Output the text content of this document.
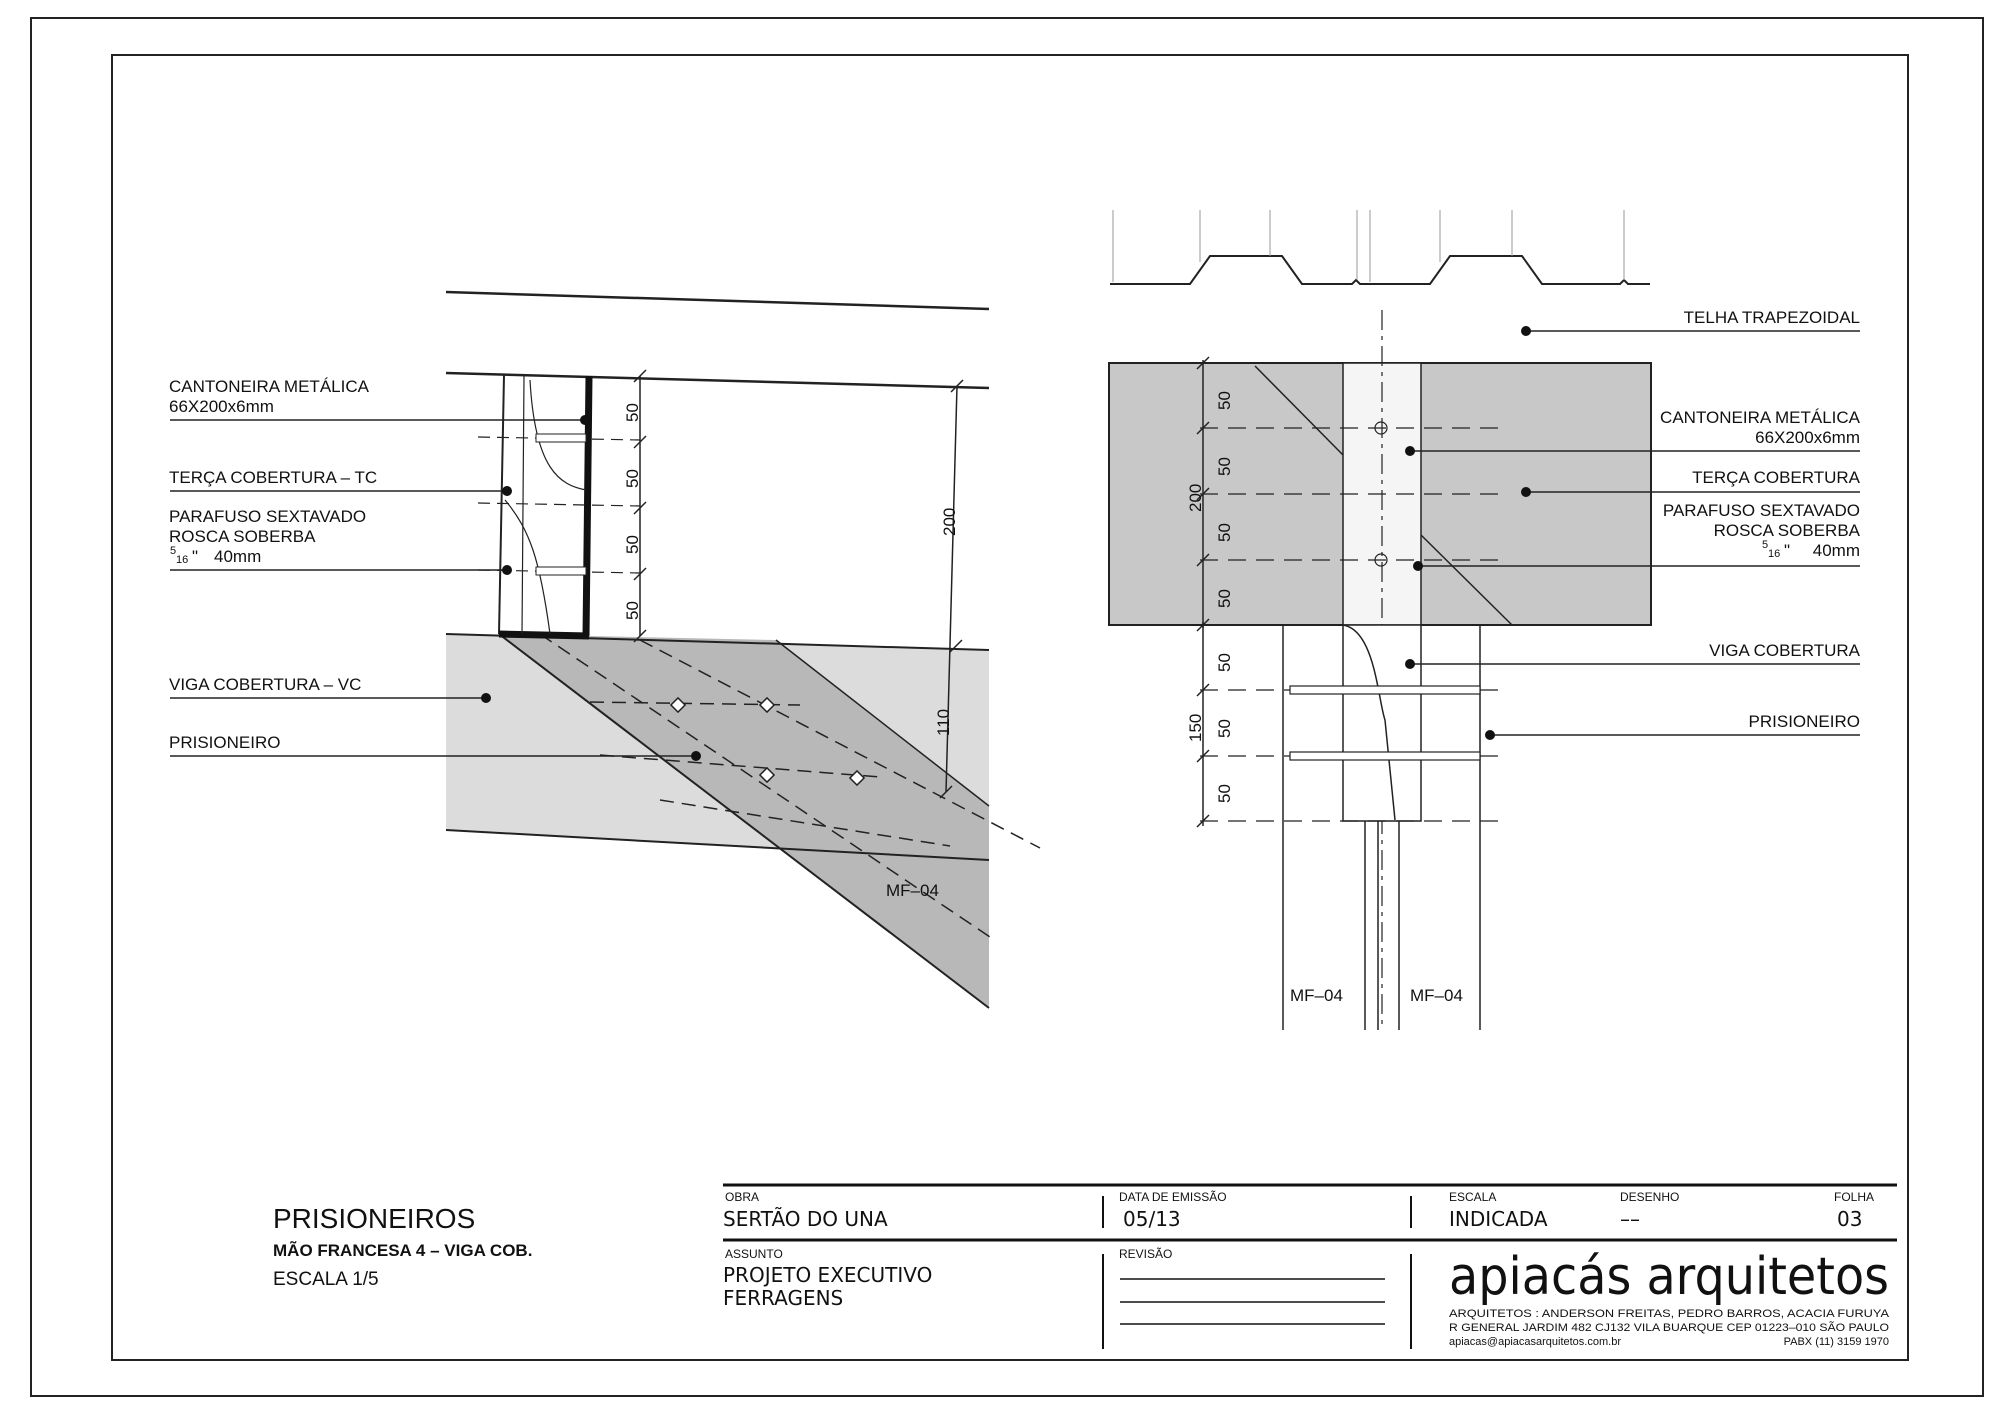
CANTONEIRA METÁLICA
66X200x6mm
TERÇA COBERTURA – TC
PARAFUSO SEXTAVADO
ROSCA SOBERBA
5
16 " 40mm
VIGA COBERTURA – VC
PRISIONEIRO
MF–04
50
50
50
50
200
110
TELHA TRAPEZOIDAL
CANTONEIRA METÁLICA
66X200x6mm
TERÇA COBERTURA
PARAFUSO SEXTAVADO
ROSCA SOBERBA
5
16 " 40mm
VIGA COBERTURA
PRISIONEIRO
MF–04	MF–04
50
50
50
50
200
50
50
50
150
PRISIONEIROS
MÃO FRANCESA 4 – VIGA COB.
ESCALA 1/5
OBRA
SERTÃO DO UNA
DATA DE EMISSÃO
05/13
ESCALA
INDICADA
DESENHO
––
FOLHA
03
ASSUNTO
PROJETO EXECUTIVO
FERRAGENS
REVISÃO	apiacás arquitetos
ARQUITETOS : ANDERSON FREITAS, PEDRO BARROS, ACACIA FURUYA
R GENERAL JARDIM 482 CJ132 VILA BUARQUE CEP 01223–010 SÃO PAULO
apiacas@apiacasarquitetos.com.br	PABX (11) 3159 1970
